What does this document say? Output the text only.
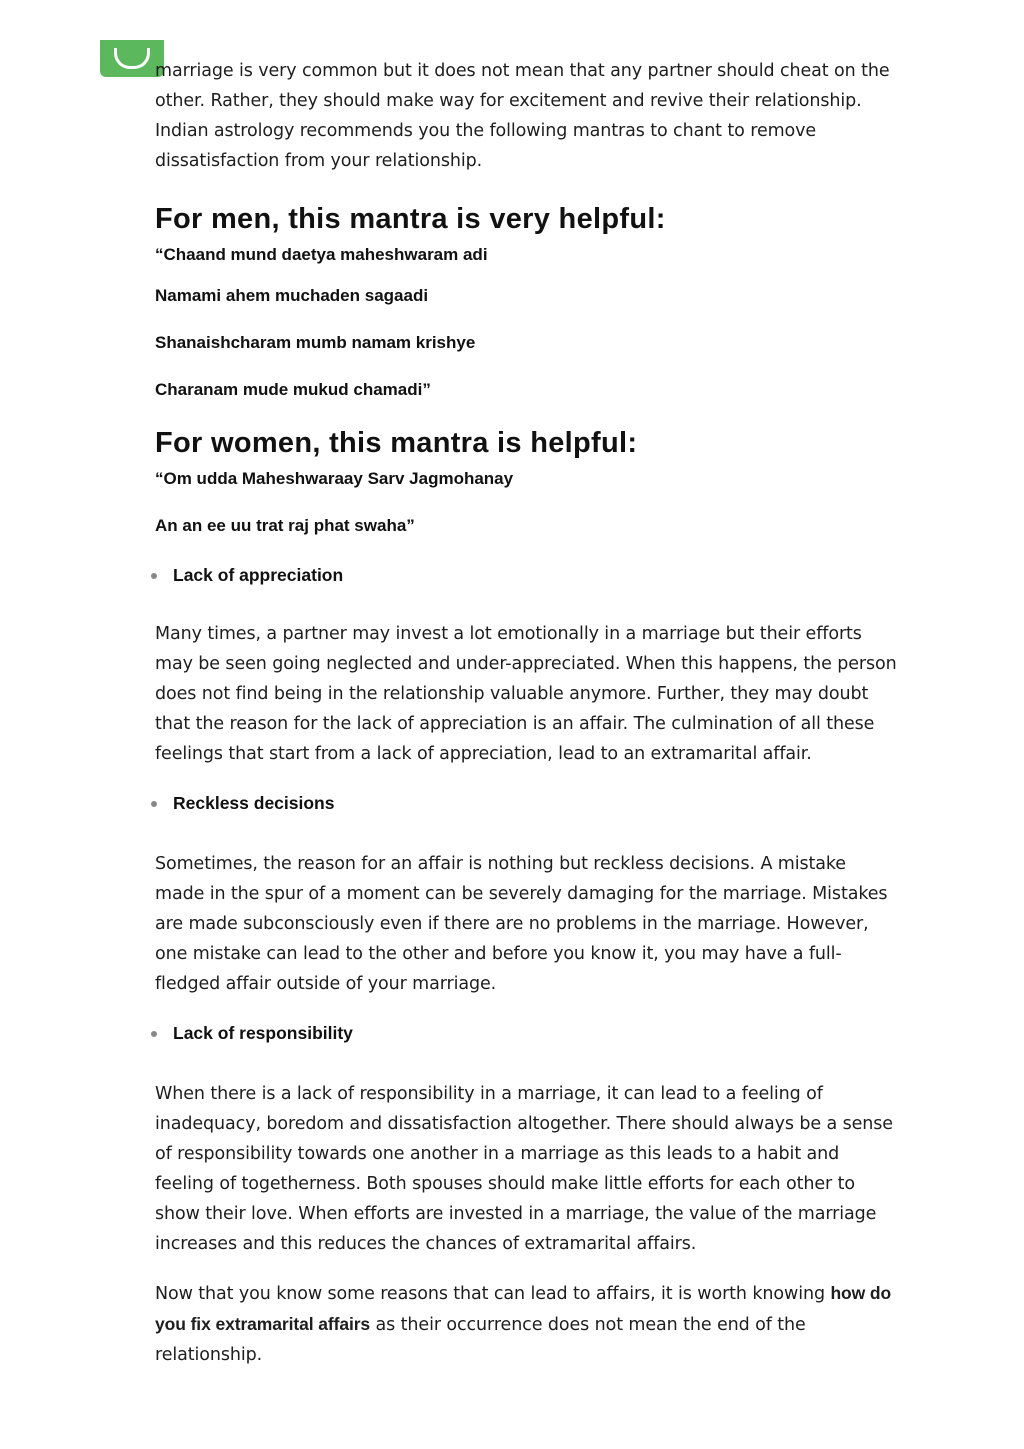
marriage is very common but it does not mean that any partner should cheat on the other. Rather, they should make way for excitement and revive their relationship. Indian astrology recommends you the following mantras to chant to remove dissatisfaction from your relationship.

For men, this mantra is very helpful:

“Chaand mund daetya maheshwaram adi

Namami ahem muchaden sagaadi

Shanaishcharam mumb namam krishye

Charanam mude mukud chamadi”

For women, this mantra is helpful:

“Om udda Maheshwaraay Sarv Jagmohanay

An an ee uu trat raj phat swaha”

Lack of appreciation

Many times, a partner may invest a lot emotionally in a marriage but their efforts may be seen going neglected and under-appreciated. When this happens, the person does not find being in the relationship valuable anymore. Further, they may doubt that the reason for the lack of appreciation is an affair. The culmination of all these feelings that start from a lack of appreciation, lead to an extramarital affair.

Reckless decisions

Sometimes, the reason for an affair is nothing but reckless decisions. A mistake made in the spur of a moment can be severely damaging for the marriage. Mistakes are made subconsciously even if there are no problems in the marriage. However, one mistake can lead to the other and before you know it, you may have a full-fledged affair outside of your marriage.

Lack of responsibility

When there is a lack of responsibility in a marriage, it can lead to a feeling of inadequacy, boredom and dissatisfaction altogether. There should always be a sense of responsibility towards one another in a marriage as this leads to a habit and feeling of togetherness. Both spouses should make little efforts for each other to show their love. When efforts are invested in a marriage, the value of the marriage increases and this reduces the chances of extramarital affairs.

Now that you know some reasons that can lead to affairs, it is worth knowing how do you fix extramarital affairs as their occurrence does not mean the end of the relationship.
